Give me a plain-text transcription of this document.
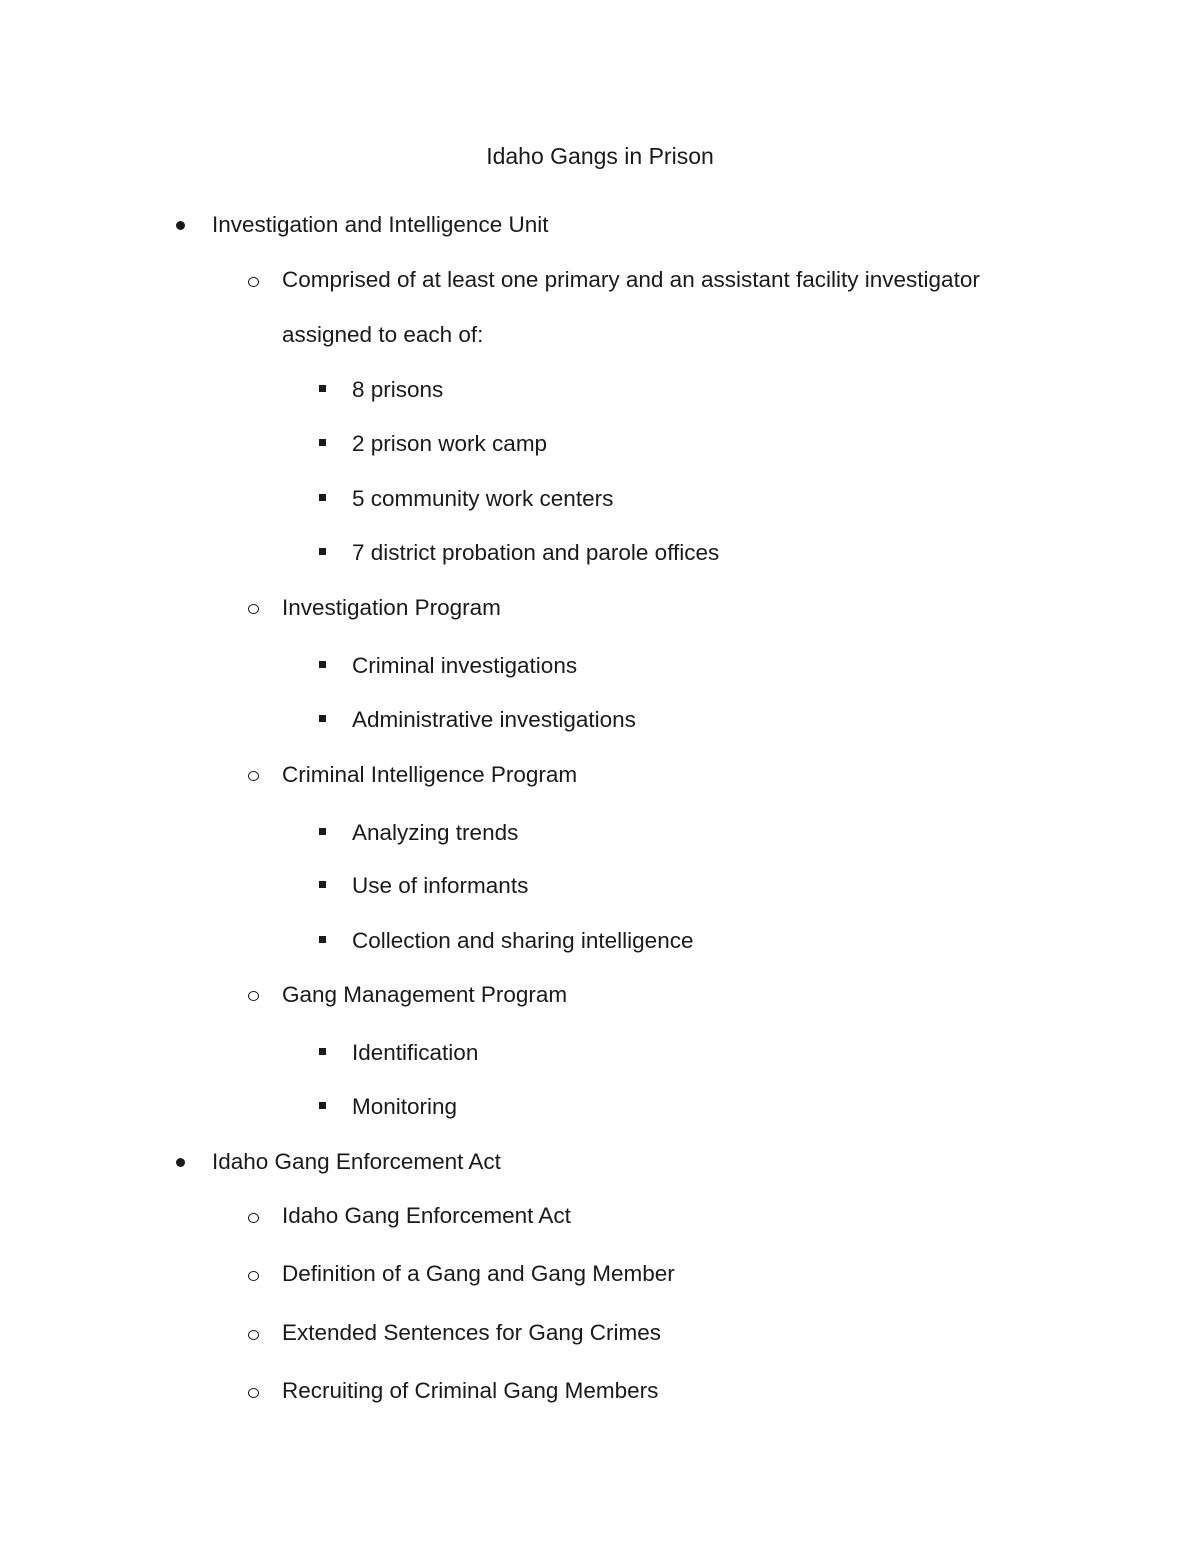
Idaho Gangs in Prison
Investigation and Intelligence Unit
Comprised of at least one primary and an assistant facility investigator
assigned to each of:
8 prisons
2 prison work camp
5 community work centers
7 district probation and parole offices
Investigation Program
Criminal investigations
Administrative investigations
Criminal Intelligence Program
Analyzing trends
Use of informants
Collection and sharing intelligence
Gang Management Program
Identification
Monitoring
Idaho Gang Enforcement Act
Idaho Gang Enforcement Act
Definition of a Gang and Gang Member
Extended Sentences for Gang Crimes
Recruiting of Criminal Gang Members
